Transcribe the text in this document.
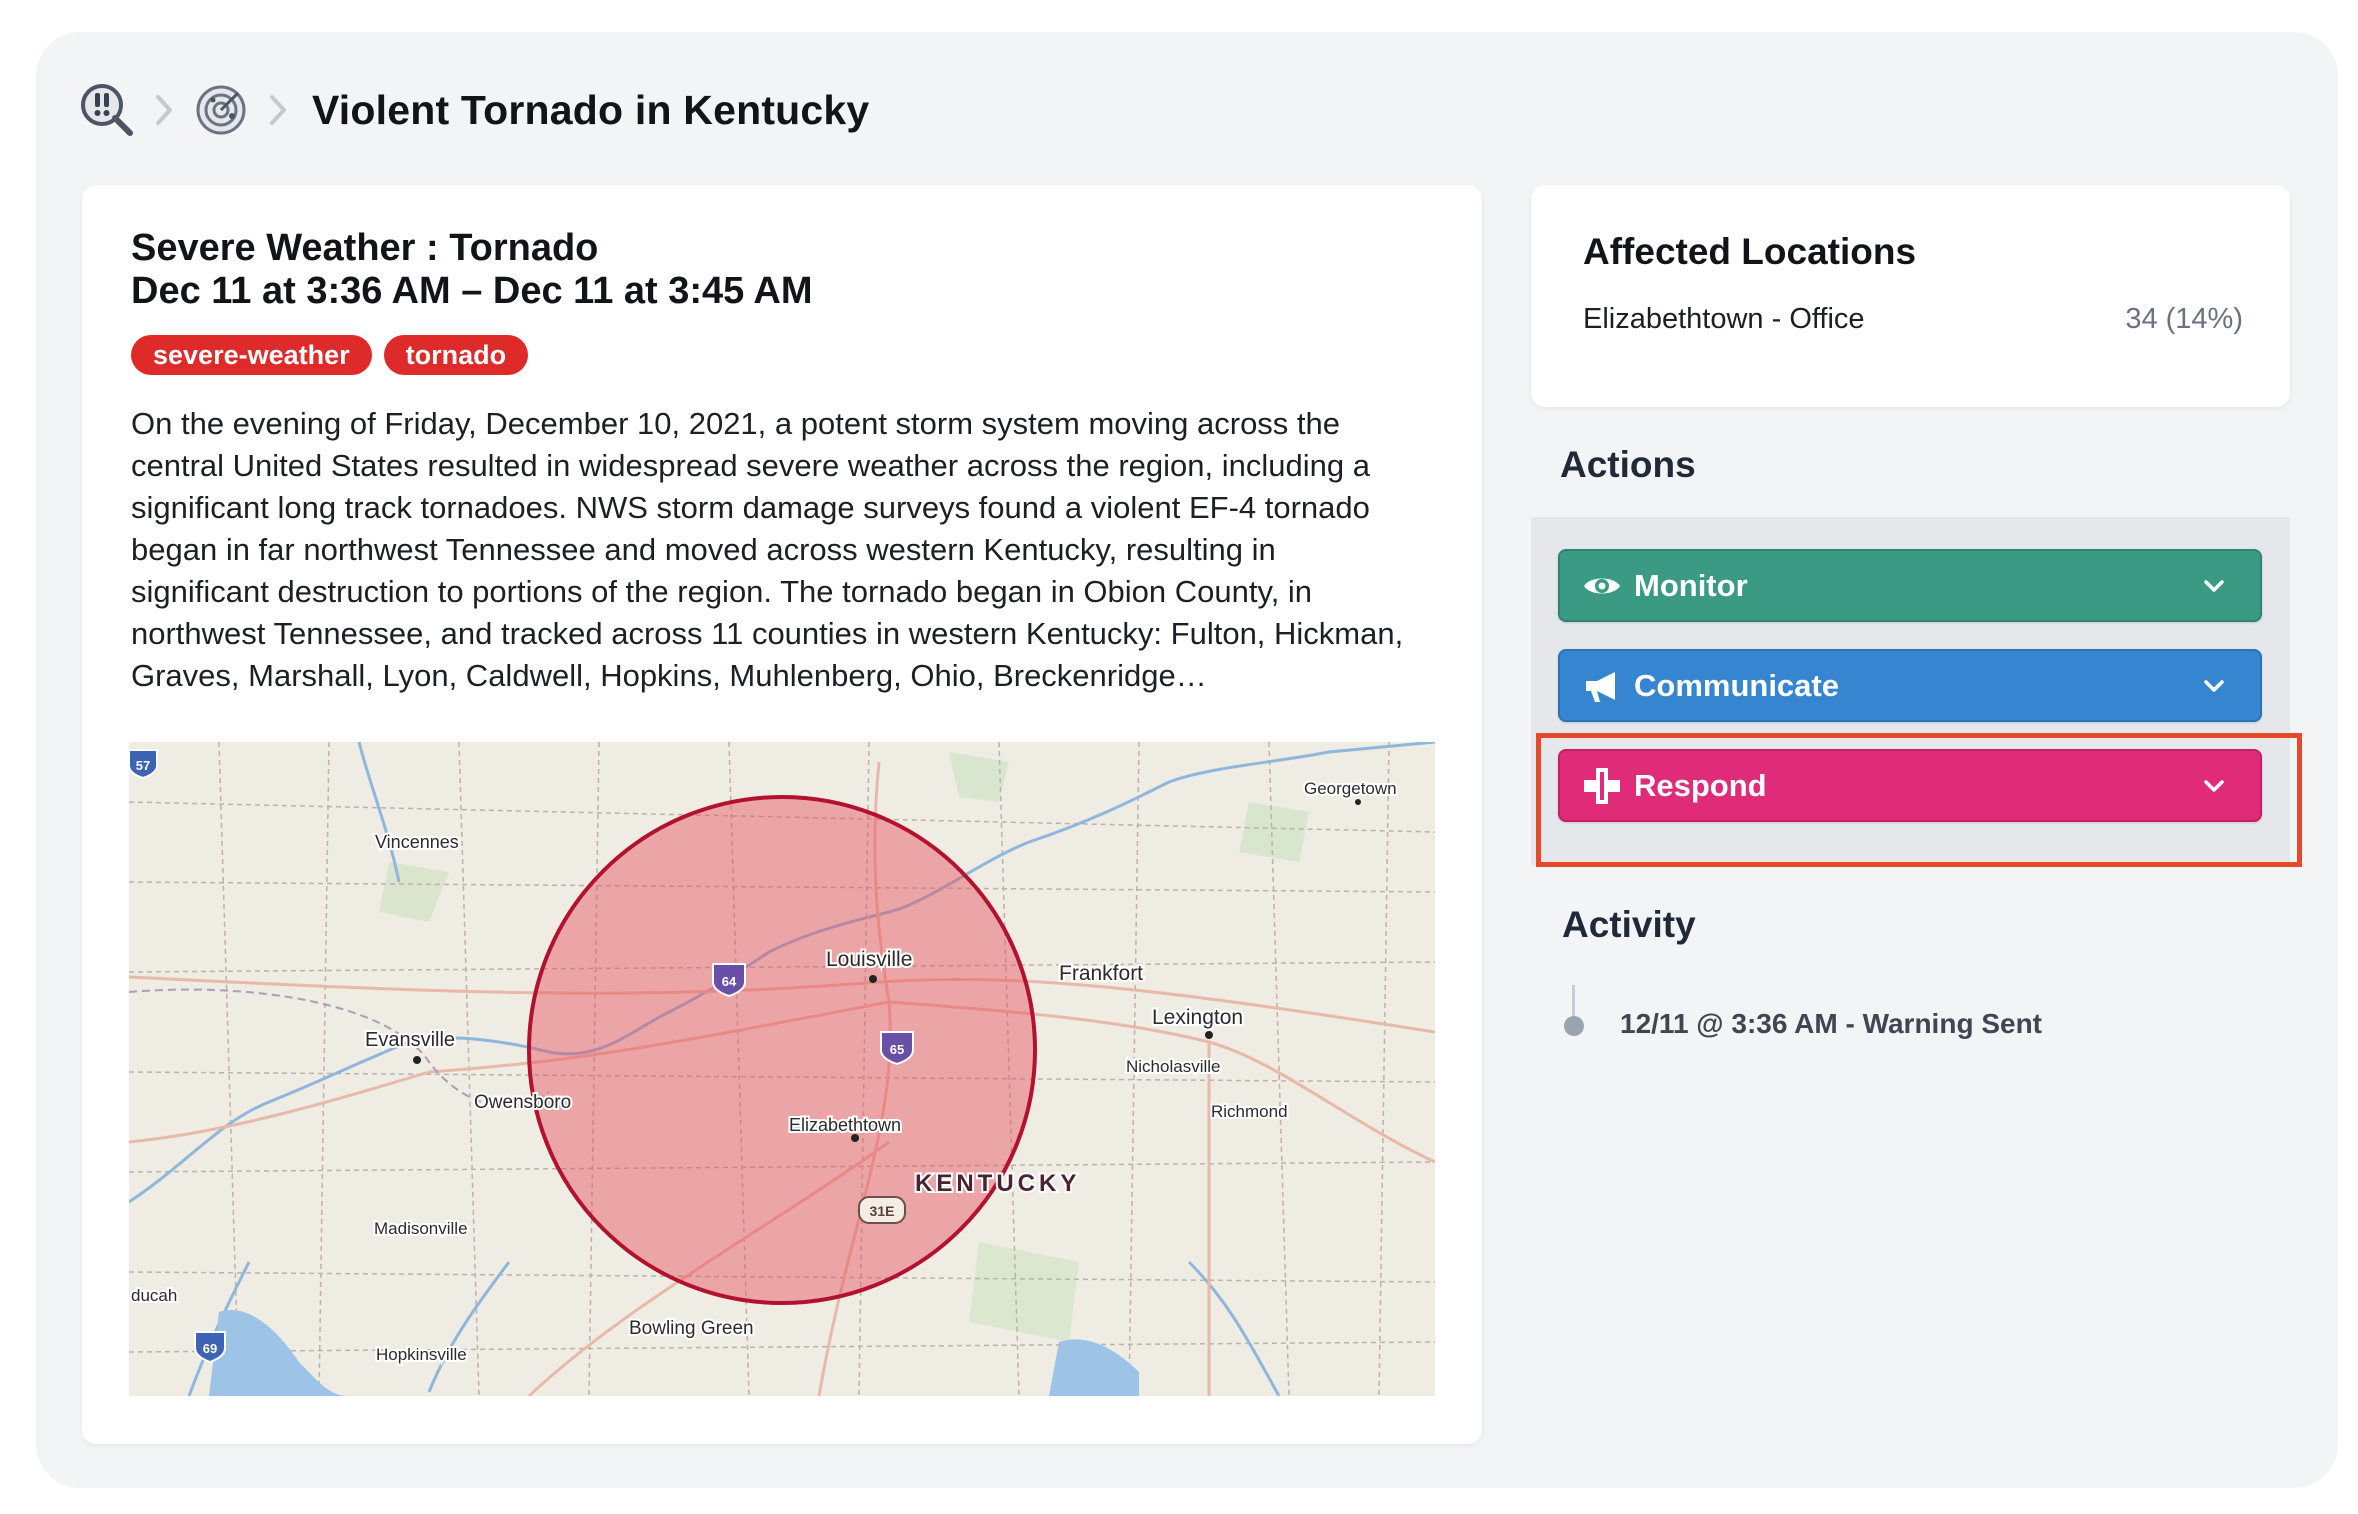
Violent Tornado in Kentucky
Severe Weather : Tornado
Dec 11 at 3:36 AM – Dec 11 at 3:45 AM
severe-weather	tornado
On the evening of Friday, December 10, 2021, a potent storm system moving across the central United States resulted in widespread severe weather across the region, including a significant long track tornadoes. NWS storm damage surveys found a violent EF-4 tornado began in far northwest Tennessee and moved across western Kentucky, resulting in significant destruction to portions of the region. The tornado began in Obion County, in northwest Tennessee, and tracked across 11 counties in western Kentucky: Fulton, Hickman, Graves, Marshall, Lyon, Caldwell, Hopkins, Muhlenberg, Ohio, Breckenridge…
57
64
65
31E
69
Vincennes
Louisville
Frankfort
Lexington
Georgetown
Evansville
Owensboro
Elizabethtown
Nicholasville
Richmond
KENTUCKY
Madisonville
ducah
Bowling Green
Hopkinsville
Affected Locations
Elizabethtown - Office	34 (14%)
Actions
Monitor
Communicate
Respond
Activity
12/11 @ 3:36 AM - Warning Sent
